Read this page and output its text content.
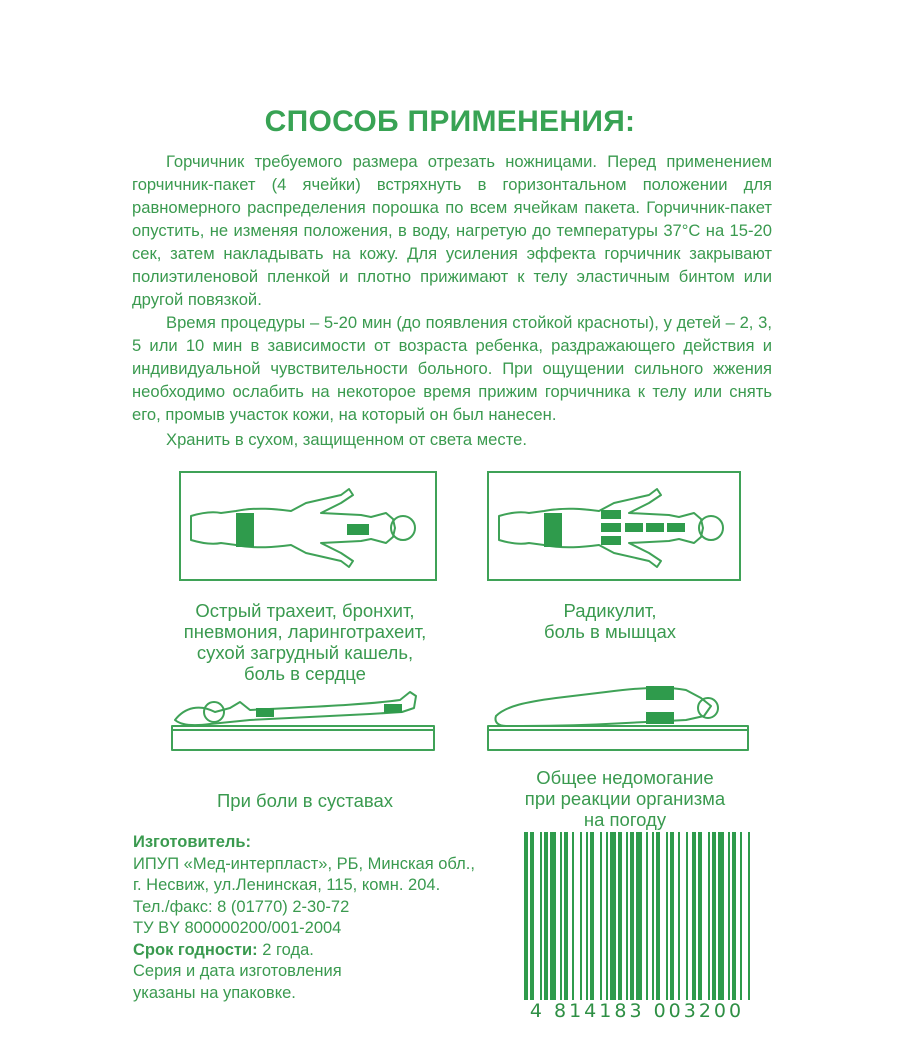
СПОСОБ ПРИМЕНЕНИЯ:

Горчичник требуемого размера отрезать ножницами. Перед применением горчичник-пакет (4 ячейки) встряхнуть в горизонтальном положении для равномерного распределения порошка по всем ячейкам пакета. Горчичник-пакет опустить, не изменяя положения, в воду, нагретую до температуры 37°С на 15-20 сек, затем накладывать на кожу. Для усиления эффекта горчичник закрывают полиэтиленовой пленкой и плотно прижимают к телу эластичным бинтом или другой повязкой.

Время процедуры – 5-20 мин (до появления стойкой красноты), у детей – 2, 3, 5 или 10 мин в зависимости от возраста ребенка, раздражающего действия и индивидуальной чувствительности больного. При ощущении сильного жжения необходимо ослабить на некоторое время прижим горчичника к телу или снять его, промыв участок кожи, на который он был нанесен.

Хранить в сухом, защищенном от света месте.

Острый трахеит, бронхит,
пневмония, ларинготрахеит,
сухой загрудный кашель,
боль в сердце
Радикулит,
боль в мышцах
При боли в суставах
Общее недомогание
при реакции организма
на погоду
Изготовитель:
ИПУП «Мед-интерпласт», РБ, Минская обл.,
г. Несвиж, ул.Ленинская, 115, комн. 204.
Тел./факс: 8 (01770) 2-30-72
ТУ BY 800000200/001-2004
Срок годности: 2 года.
Серия и дата изготовления
указаны на упаковке.
4 814183 003200
